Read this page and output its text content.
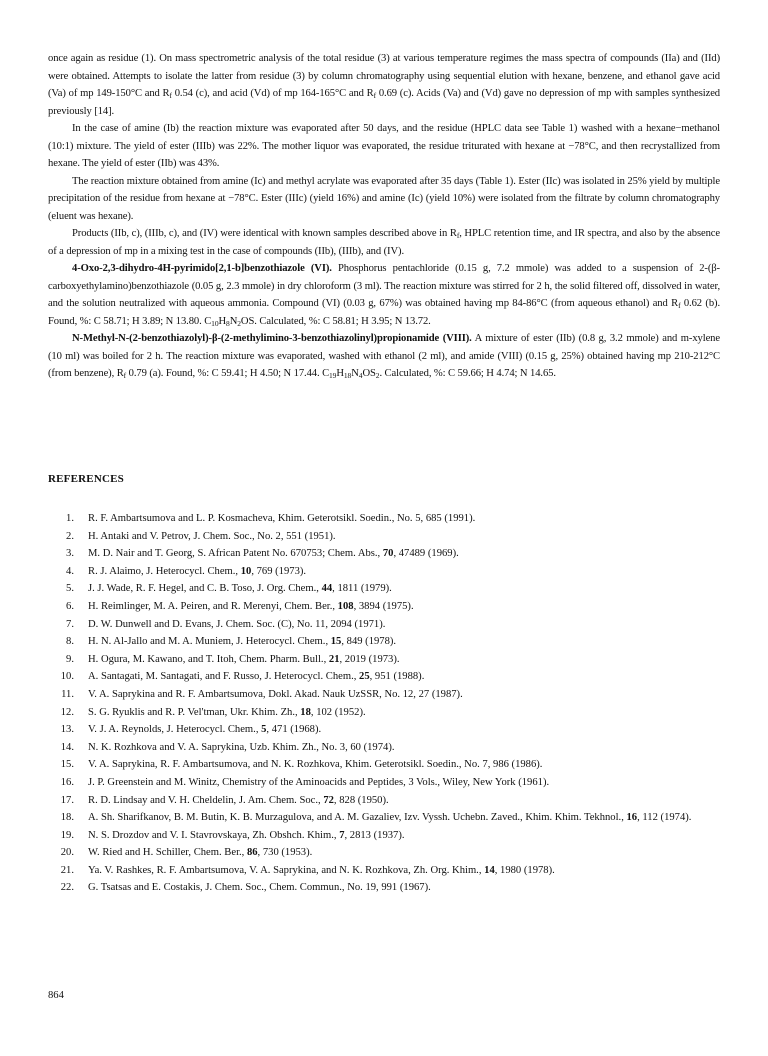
once again as residue (1). On mass spectrometric analysis of the total residue (3) at various temperature regimes the mass spectra of compounds (IIa) and (IId) were obtained. Attempts to isolate the latter from residue (3) by column chromatography using sequential elution with hexane, benzene, and ethanol gave acid (Va) of mp 149-150°C and $R_f$ 0.54 (c), and acid (Vd) of mp 164-165°C and $R_f$ 0.69 (c). Acids (Va) and (Vd) gave no depression of mp with samples synthesized previously [14].

In the case of amine (Ib) the reaction mixture was evaporated after 50 days, and the residue (HPLC data see Table 1) washed with a hexane−methanol (10:1) mixture. The yield of ester (IIIb) was 22%. The mother liquor was evaporated, the residue triturated with hexane at −78°C, and then recrystallized from hexane. The yield of ester (IIb) was 43%.

The reaction mixture obtained from amine (Ic) and methyl acrylate was evaporated after 35 days (Table 1). Ester (IIc) was isolated in 25% yield by multiple precipitation of the residue from hexane at −78°C. Ester (IIIc) (yield 16%) and amine (Ic) (yield 10%) were isolated from the filtrate by column chromatography (eluent was hexane).

Products (IIb, c), (IIIb, c), and (IV) were identical with known samples described above in $R_f$, HPLC retention time, and IR spectra, and also by the absence of a depression of mp in a mixing test in the case of compounds (IIb), (IIIb), and (IV).

4-Oxo-2,3-dihydro-4H-pyrimido[2,1-b]benzothiazole (VI). Phosphorus pentachloride (0.15 g, 7.2 mmole) was added to a suspension of 2-(β-carboxyethylamino)benzothiazole (0.05 g, 2.3 mmole) in dry chloroform (3 ml). The reaction mixture was stirred for 2 h, the solid filtered off, dissolved in water, and the solution neutralized with aqueous ammonia. Compound (VI) (0.03 g, 67%) was obtained having mp 84-86°C (from aqueous ethanol) and $R_f$ 0.62 (b). Found, %: C 58.71; H 3.89; N 13.80. $C_{10}H_8N_2OS$. Calculated, %: C 58.81; H 3.95; N 13.72.

N-Methyl-N-(2-benzothiazolyl)-β-(2-methylimino-3-benzothiazolinyl)propionamide (VIII). A mixture of ester (IIb) (0.8 g, 3.2 mmole) and m-xylene (10 ml) was boiled for 2 h. The reaction mixture was evaporated, washed with ethanol (2 ml), and amide (VIII) (0.15 g, 25%) obtained having mp 210-212°C (from benzene), $R_f$ 0.79 (a). Found, %: C 59.41; H 4.50; N 17.44. $C_{19}H_{18}N_4OS_2$. Calculated, %: C 59.66; H 4.74; N 14.65.

REFERENCES
1. R. F. Ambartsumova and L. P. Kosmacheva, Khim. Geterotsikl. Soedin., No. 5, 685 (1991).
2. H. Antaki and V. Petrov, J. Chem. Soc., No. 2, 551 (1951).
3. M. D. Nair and T. Georg, S. African Patent No. 670753; Chem. Abs., 70, 47489 (1969).
4. R. J. Alaimo, J. Heterocycl. Chem., 10, 769 (1973).
5. J. J. Wade, R. F. Hegel, and C. B. Toso, J. Org. Chem., 44, 1811 (1979).
6. H. Reimlinger, M. A. Peiren, and R. Merenyi, Chem. Ber., 108, 3894 (1975).
7. D. W. Dunwell and D. Evans, J. Chem. Soc. (C), No. 11, 2094 (1971).
8. H. N. Al-Jallo and M. A. Muniem, J. Heterocycl. Chem., 15, 849 (1978).
9. H. Ogura, M. Kawano, and T. Itoh, Chem. Pharm. Bull., 21, 2019 (1973).
10. A. Santagati, M. Santagati, and F. Russo, J. Heterocycl. Chem., 25, 951 (1988).
11. V. A. Saprykina and R. F. Ambartsumova, Dokl. Akad. Nauk UzSSR, No. 12, 27 (1987).
12. S. G. Ryuklis and R. P. Vel'tman, Ukr. Khim. Zh., 18, 102 (1952).
13. V. J. A. Reynolds, J. Heterocycl. Chem., 5, 471 (1968).
14. N. K. Rozhkova and V. A. Saprykina, Uzb. Khim. Zh., No. 3, 60 (1974).
15. V. A. Saprykina, R. F. Ambartsumova, and N. K. Rozhkova, Khim. Geterotsikl. Soedin., No. 7, 986 (1986).
16. J. P. Greenstein and M. Winitz, Chemistry of the Aminoacids and Peptides, 3 Vols., Wiley, New York (1961).
17. R. D. Lindsay and V. H. Cheldelin, J. Am. Chem. Soc., 72, 828 (1950).
18. A. Sh. Sharifkanov, B. M. Butin, K. B. Murzagulova, and A. M. Gazaliev, Izv. Vyssh. Uchebn. Zaved., Khim. Khim. Tekhnol., 16, 112 (1974).
19. N. S. Drozdov and V. I. Stavrovskaya, Zh. Obshch. Khim., 7, 2813 (1937).
20. W. Ried and H. Schiller, Chem. Ber., 86, 730 (1953).
21. Ya. V. Rashkes, R. F. Ambartsumova, V. A. Saprykina, and N. K. Rozhkova, Zh. Org. Khim., 14, 1980 (1978).
22. G. Tsatsas and E. Costakis, J. Chem. Soc., Chem. Commun., No. 19, 991 (1967).

864
